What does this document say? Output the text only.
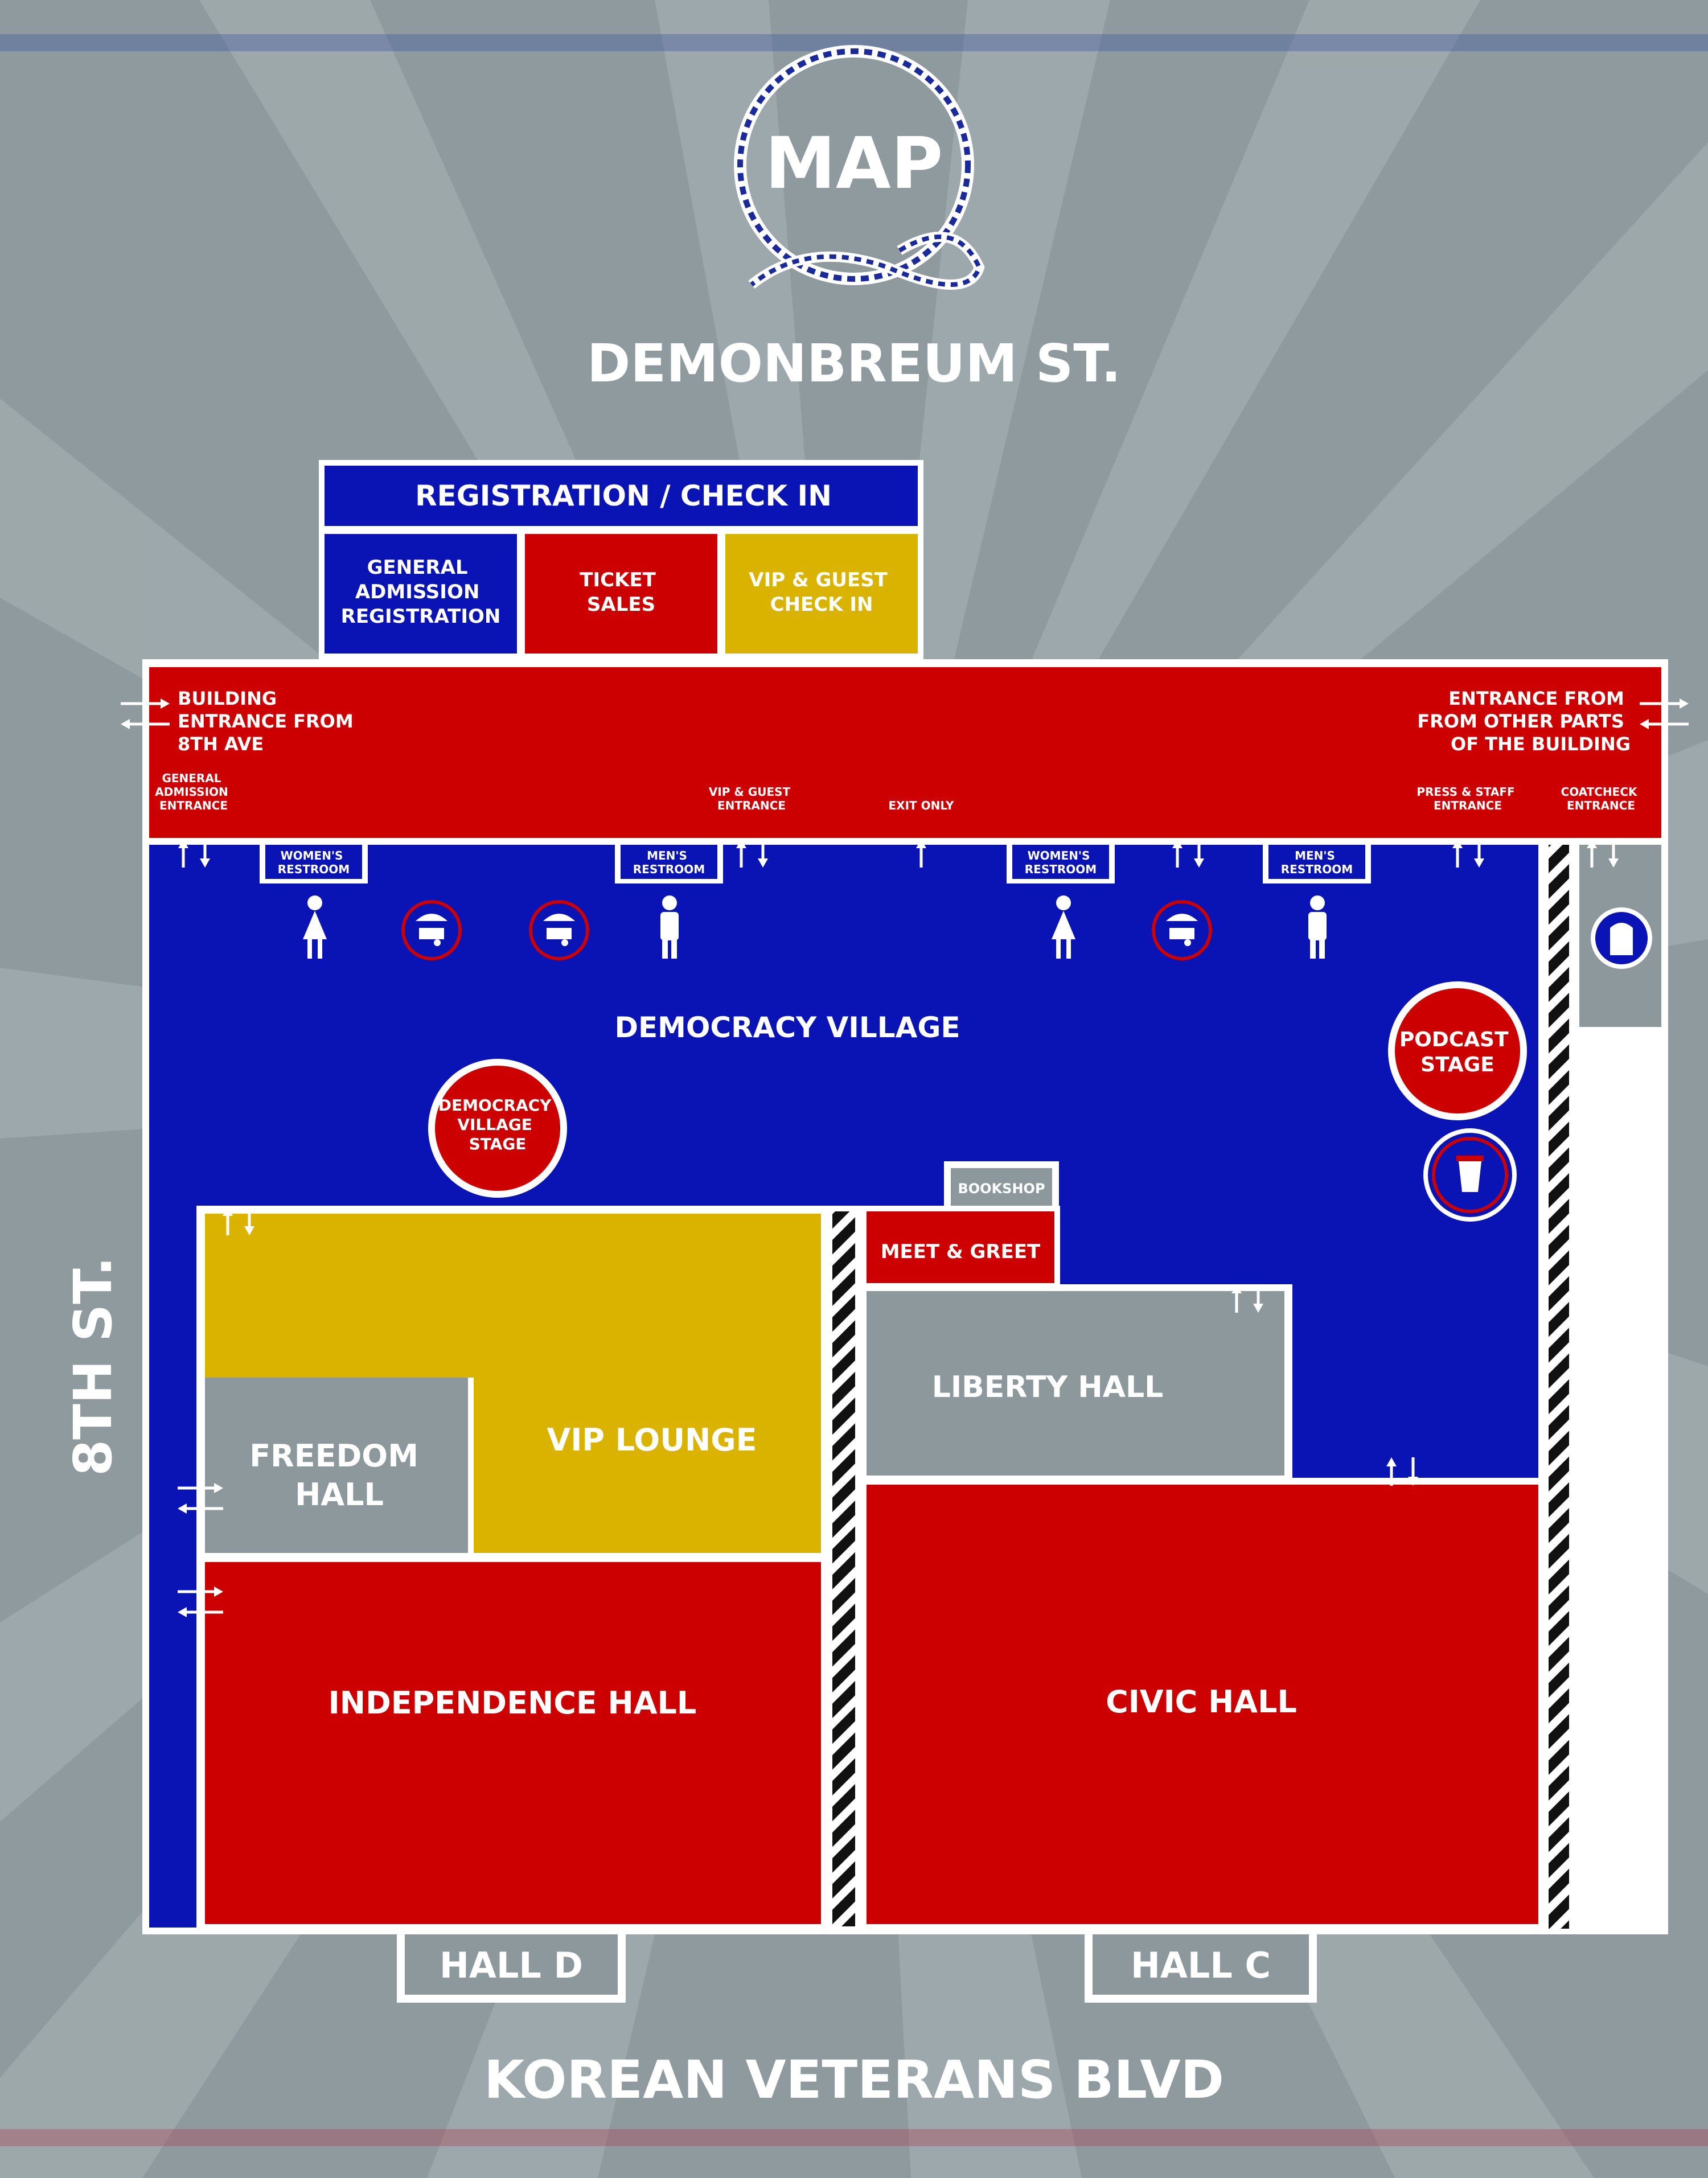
MAP
DEMONBREUM ST.
KOREAN VETERANS BLVD
8TH ST.
REGISTRATION / CHECK IN
GENERAL ADMISSION REGISTRATION
TICKET SALES
VIP & GUEST CHECK IN
BUILDING ENTRANCE FROM 8TH AVE
ENTRANCE FROM FROM OTHER PARTS OF THE BUILDING
GENERAL ADMISSION ENTRANCE
VIP & GUEST ENTRANCE	EXIT ONLY
PRESS & STAFF ENTRANCE
COATCHECK ENTRANCE
WOMEN'S RESTROOM
MEN'S RESTROOM
WOMEN'S RESTROOM
MEN'S RESTROOM
DEMOCRACY VILLAGE
DEMOCRACY VILLAGE STAGE
PODCAST STAGE
VIP LOUNGE
FREEDOM HALL
INDEPENDENCE HALL
BOOKSHOP
MEET & GREET
LIBERTY HALL
CIVIC HALL
HALL D	HALL C
